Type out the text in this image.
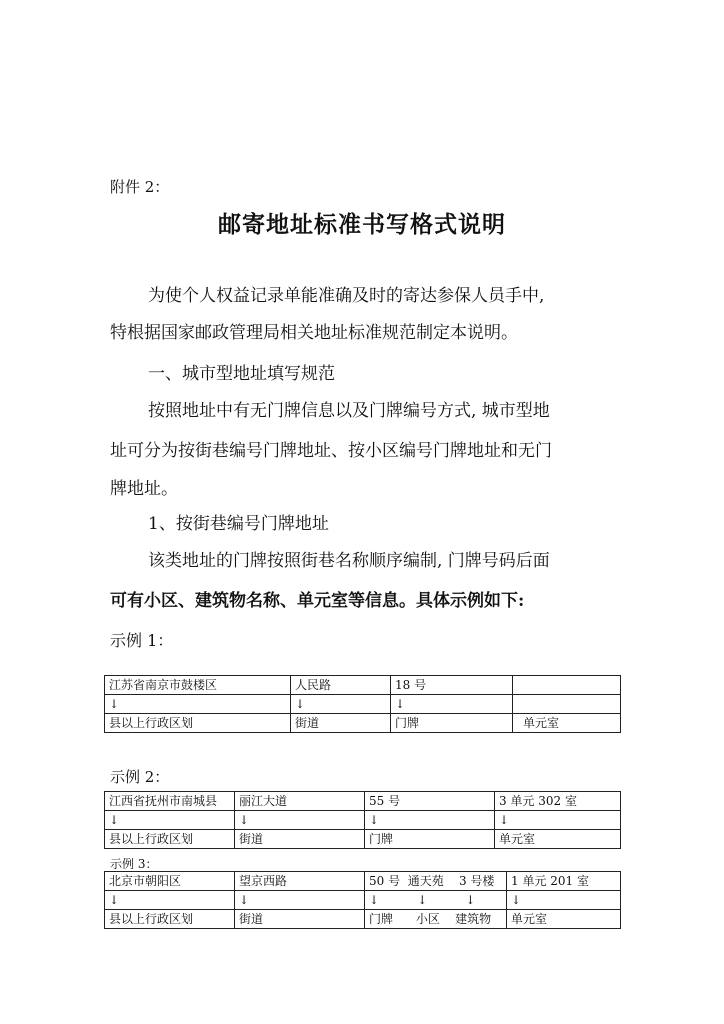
附件 2：
邮寄地址标准书写格式说明
为使个人权益记录单能准确及时的寄达参保人员手中,
特根据国家邮政管理局相关地址标准规范制定本说明。
一、城市型地址填写规范
按照地址中有无门牌信息以及门牌编号方式, 城市型地
址可分为按街巷编号门牌地址、按小区编号门牌地址和无门
牌地址。
1、按街巷编号门牌地址
该类地址的门牌按照街巷名称顺序编制, 门牌号码后面
可有小区、建筑物名称、单元室等信息。具体示例如下:
示例 1：
江苏省南京市鼓楼区	人民路	18 号	
↓	↓	↓	
县以上行政区划	街道	门牌	单元室
示例 2：
江西省抚州市南城县	丽江大道	55 号	3 单元 302 室
↓	↓	↓	↓
县以上行政区划	街道	门牌	单元室
示例 3：
北京市朝阳区	望京西路	50 号  通天苑    3 号楼	1 单元 201 室
↓	↓	↓          ↓          ↓	↓
县以上行政区划	街道	门牌      小区    建筑物	单元室
